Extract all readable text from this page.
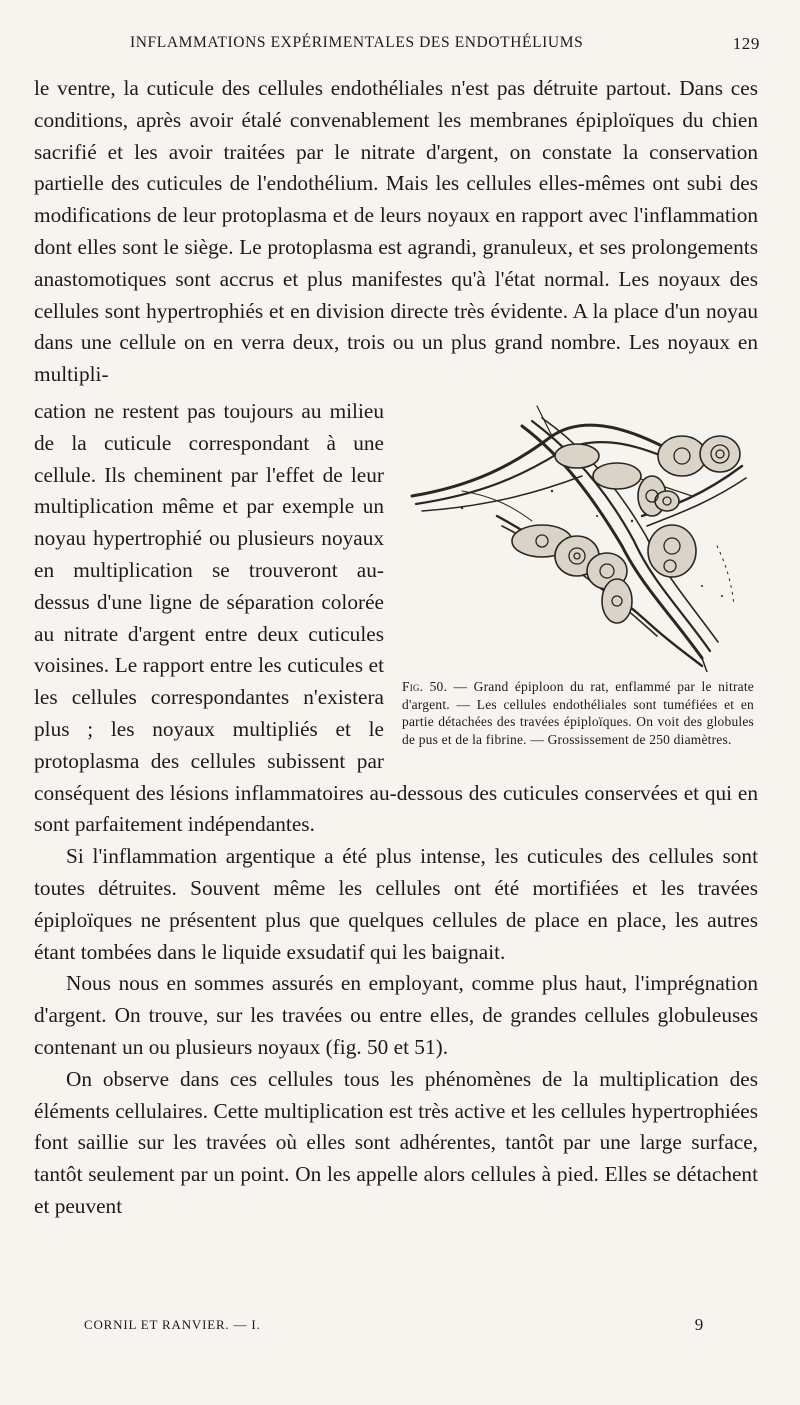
INFLAMMATIONS EXPÉRIMENTALES DES ENDOTHÉLIUMS	129

le ventre, la cuticule des cellules endothéliales n'est pas détruite partout. Dans ces conditions, après avoir étalé convenablement les membranes épiploïques du chien sacrifié et les avoir traitées par le nitrate d'argent, on constate la conservation partielle des cuticules de l'endothélium. Mais les cellules elles-mêmes ont subi des modifications de leur protoplasma et de leurs noyaux en rapport avec l'inflammation dont elles sont le siège. Le protoplasma est agrandi, granuleux, et ses prolongements anastomotiques sont accrus et plus manifestes qu'à l'état normal. Les noyaux des cellules sont hypertrophiés et en division directe très évidente. A la place d'un noyau dans une cellule on en verra deux, trois ou un plus grand nombre. Les noyaux en multipli-

Fig. 50. — Grand épiploon du rat, enflammé par le nitrate d'argent. — Les cellules endothéliales sont tuméfiées et en partie détachées des travées épiploïques. On voit des globules de pus et de la fibrine. — Grossissement de 250 diamètres.

cation ne restent pas toujours au milieu de la cuticule correspondant à une cellule. Ils cheminent par l'effet de leur multiplication même et par exemple un noyau hypertrophié ou plusieurs noyaux en multiplication se trouveront au-dessus d'une ligne de séparation colorée au nitrate d'argent entre deux cuticules voisines. Le rapport entre les cuticules et les cellules correspondantes n'existera plus ; les noyaux multipliés et le protoplasma des cellules subissent par conséquent des lésions inflammatoires au-dessous des cuticules conservées et qui en sont parfaitement indépendantes.

Si l'inflammation argentique a été plus intense, les cuticules des cellules sont toutes détruites. Souvent même les cellules ont été mortifiées et les travées épiploïques ne présentent plus que quelques cellules de place en place, les autres étant tombées dans le liquide exsudatif qui les baignait.

Nous nous en sommes assurés en employant, comme plus haut, l'imprégnation d'argent. On trouve, sur les travées ou entre elles, de grandes cellules globuleuses contenant un ou plusieurs noyaux (fig. 50 et 51).

On observe dans ces cellules tous les phénomènes de la multiplication des éléments cellulaires. Cette multiplication est très active et les cellules hypertrophiées font saillie sur les travées où elles sont adhérentes, tantôt par une large surface, tantôt seulement par un point. On les appelle alors cellules à pied. Elles se détachent et peuvent

CORNIL ET RANVIER. — I.	9
